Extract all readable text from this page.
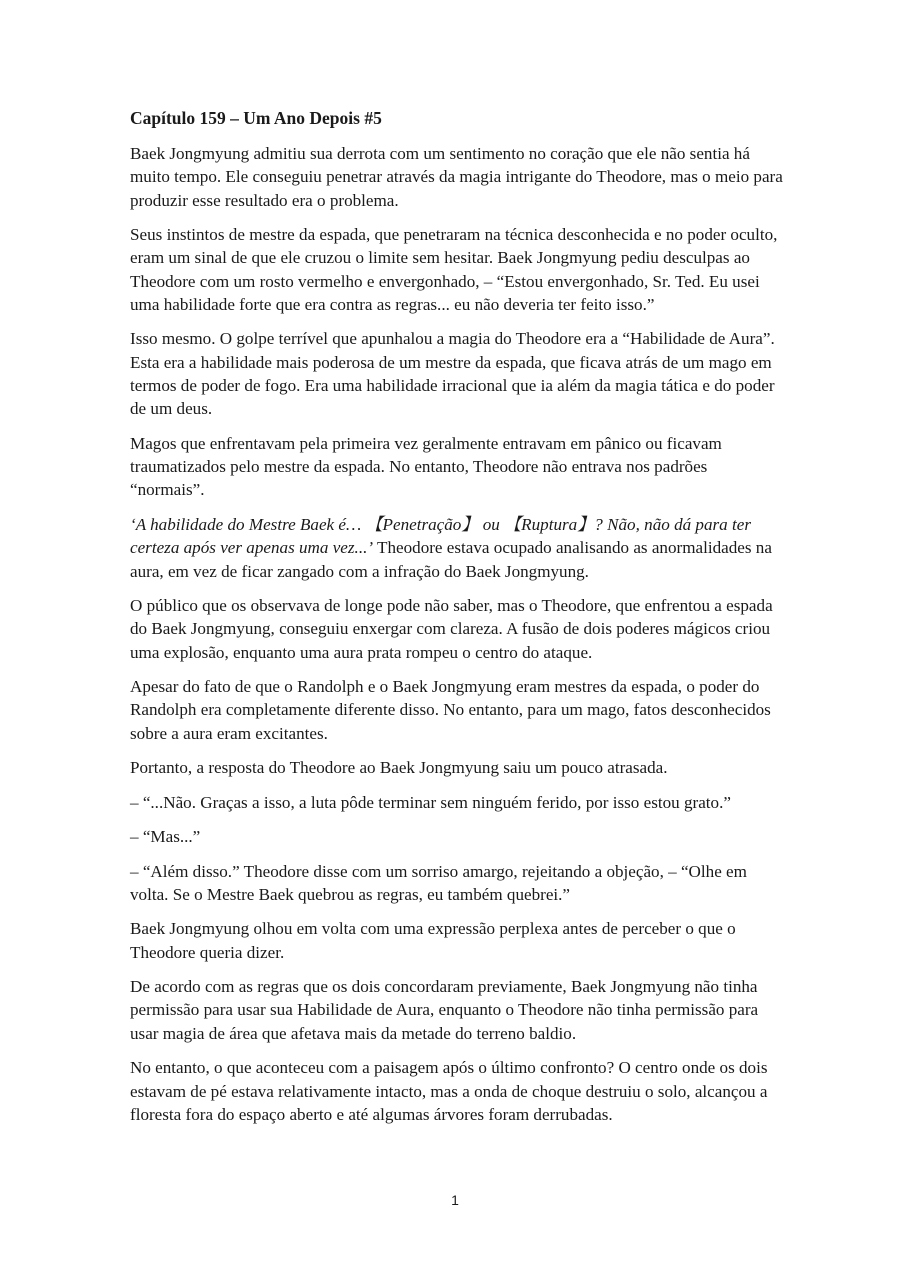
Capítulo 159 – Um Ano Depois #5

Baek Jongmyung admitiu sua derrota com um sentimento no coração que ele não sentia há muito tempo. Ele conseguiu penetrar através da magia intrigante do Theodore, mas o meio para produzir esse resultado era o problema.

Seus instintos de mestre da espada, que penetraram na técnica desconhecida e no poder oculto, eram um sinal de que ele cruzou o limite sem hesitar. Baek Jongmyung pediu desculpas ao Theodore com um rosto vermelho e envergonhado, – “Estou envergonhado, Sr. Ted. Eu usei uma habilidade forte que era contra as regras... eu não deveria ter feito isso.”

Isso mesmo. O golpe terrível que apunhalou a magia do Theodore era a “Habilidade de Aura”. Esta era a habilidade mais poderosa de um mestre da espada, que ficava atrás de um mago em termos de poder de fogo. Era uma habilidade irracional que ia além da magia tática e do poder de um deus.

Magos que enfrentavam pela primeira vez geralmente entravam em pânico ou ficavam traumatizados pelo mestre da espada. No entanto, Theodore não entrava nos padrões “normais”.

‘A habilidade do Mestre Baek é… 【Penetração】 ou 【Ruptura】? Não, não dá para ter certeza após ver apenas uma vez...’ Theodore estava ocupado analisando as anormalidades na aura, em vez de ficar zangado com a infração do Baek Jongmyung.

O público que os observava de longe pode não saber, mas o Theodore, que enfrentou a espada do Baek Jongmyung, conseguiu enxergar com clareza. A fusão de dois poderes mágicos criou uma explosão, enquanto uma aura prata rompeu o centro do ataque.

Apesar do fato de que o Randolph e o Baek Jongmyung eram mestres da espada, o poder do Randolph era completamente diferente disso. No entanto, para um mago, fatos desconhecidos sobre a aura eram excitantes.

Portanto, a resposta do Theodore ao Baek Jongmyung saiu um pouco atrasada.

– “...Não. Graças a isso, a luta pôde terminar sem ninguém ferido, por isso estou grato.”

– “Mas...”

– “Além disso.” Theodore disse com um sorriso amargo, rejeitando a objeção, – “Olhe em volta. Se o Mestre Baek quebrou as regras, eu também quebrei.”

Baek Jongmyung olhou em volta com uma expressão perplexa antes de perceber o que o Theodore queria dizer.

De acordo com as regras que os dois concordaram previamente, Baek Jongmyung não tinha permissão para usar sua Habilidade de Aura, enquanto o Theodore não tinha permissão para usar magia de área que afetava mais da metade do terreno baldio.

No entanto, o que aconteceu com a paisagem após o último confronto? O centro onde os dois estavam de pé estava relativamente intacto, mas a onda de choque destruiu o solo, alcançou a floresta fora do espaço aberto e até algumas árvores foram derrubadas.

1
